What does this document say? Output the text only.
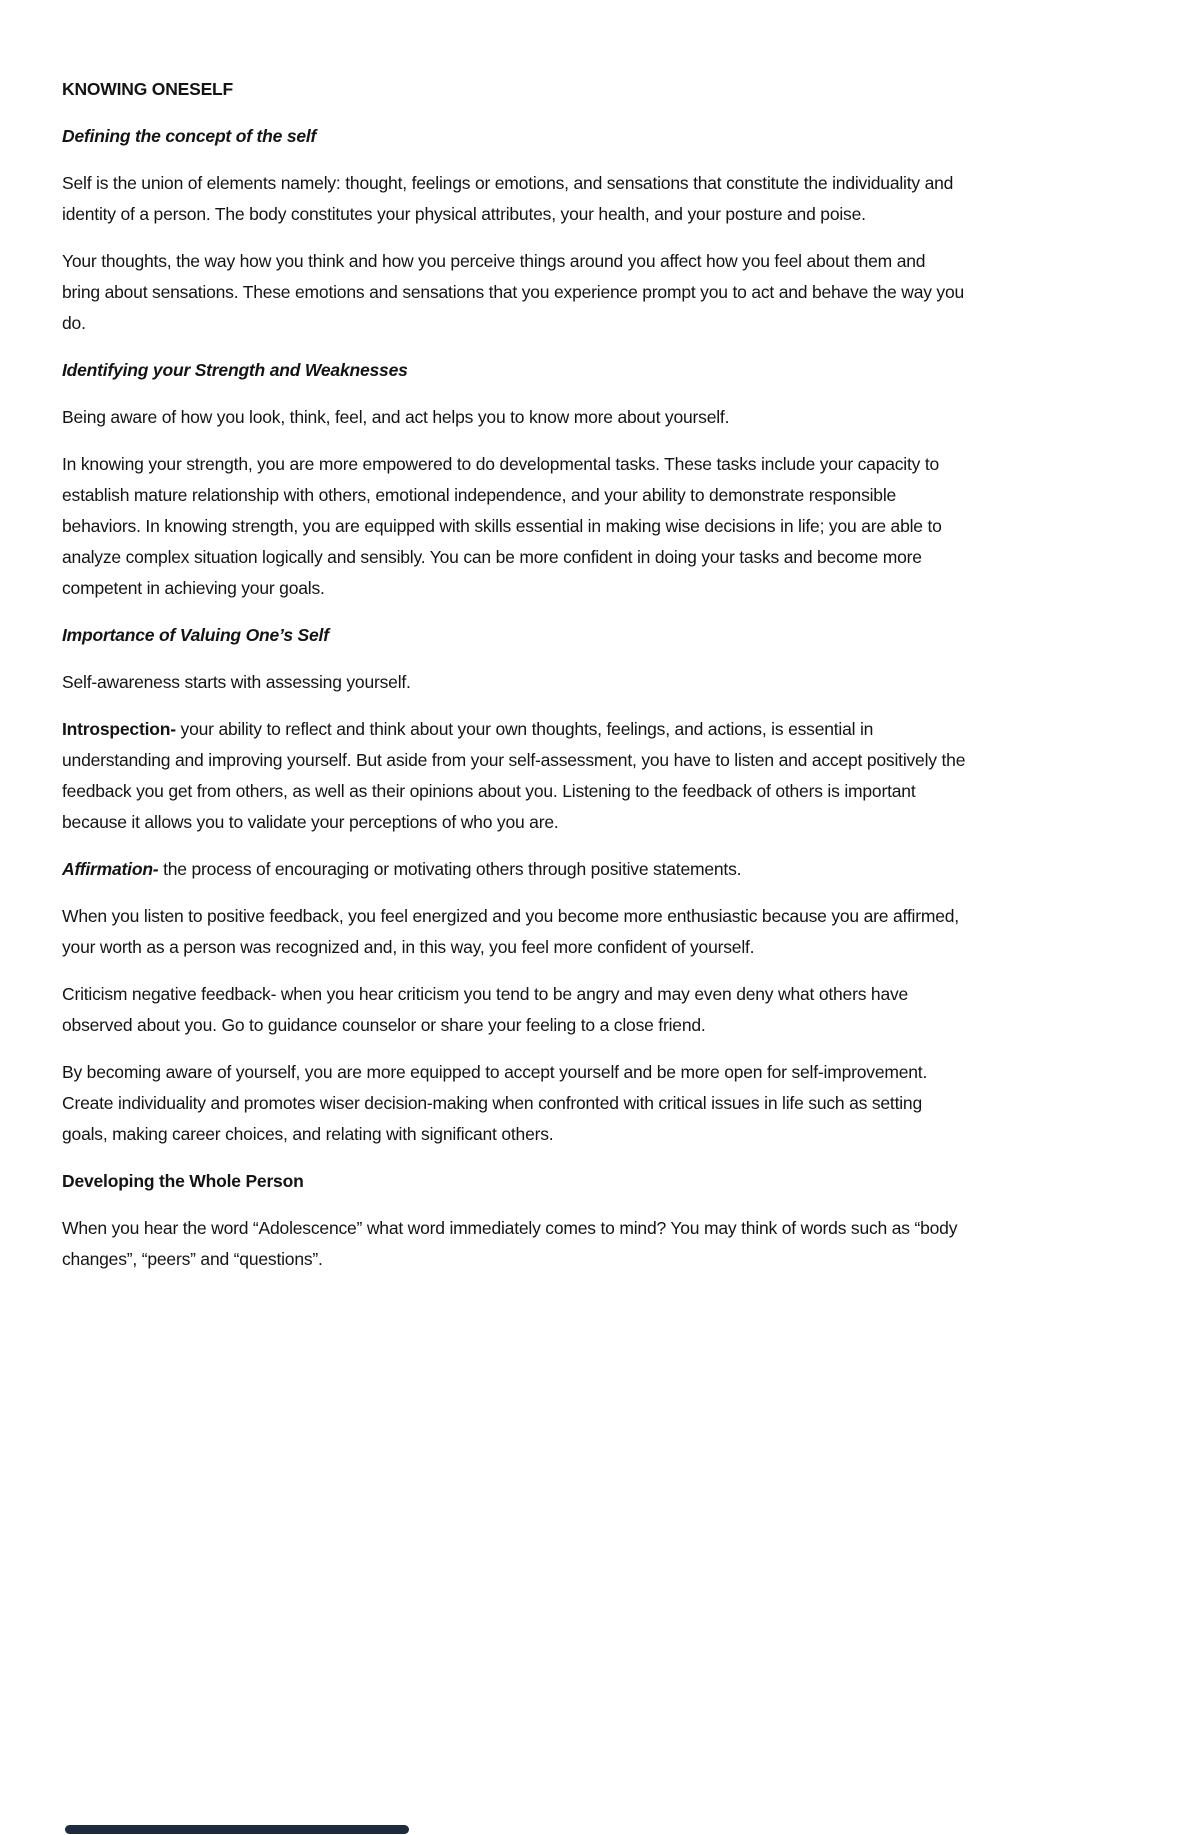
KNOWING ONESELF
Defining the concept of the self
Self is the union of elements namely: thought, feelings or emotions, and sensations that constitute the individuality and identity of a person. The body constitutes your physical attributes, your health, and your posture and poise.
Your thoughts, the way how you think and how you perceive things around you affect how you feel about them and bring about sensations. These emotions and sensations that you experience prompt you to act and behave the way you do.
Identifying your Strength and Weaknesses
Being aware of how you look, think, feel, and act helps you to know more about yourself.
In knowing your strength, you are more empowered to do developmental tasks. These tasks include your capacity to establish mature relationship with others, emotional independence, and your ability to demonstrate responsible behaviors. In knowing strength, you are equipped with skills essential in making wise decisions in life; you are able to analyze complex situation logically and sensibly. You can be more confident in doing your tasks and become more competent in achieving your goals.
Importance of Valuing One’s Self
Self-awareness starts with assessing yourself.
Introspection- your ability to reflect and think about your own thoughts, feelings, and actions, is essential in understanding and improving yourself. But aside from your self-assessment, you have to listen and accept positively the feedback you get from others, as well as their opinions about you. Listening to the feedback of others is important because it allows you to validate your perceptions of who you are.
Affirmation- the process of encouraging or motivating others through positive statements.
When you listen to positive feedback, you feel energized and you become more enthusiastic because you are affirmed, your worth as a person was recognized and, in this way, you feel more confident of yourself.
Criticism negative feedback- when you hear criticism you tend to be angry and may even deny what others have observed about you. Go to guidance counselor or share your feeling to a close friend.
By becoming aware of yourself, you are more equipped to accept yourself and be more open for self-improvement. Create individuality and promotes wiser decision-making when confronted with critical issues in life such as setting goals, making career choices, and relating with significant others.
Developing the Whole Person
When you hear the word “Adolescence” what word immediately comes to mind? You may think of words such as “body changes”, “peers” and “questions”.
